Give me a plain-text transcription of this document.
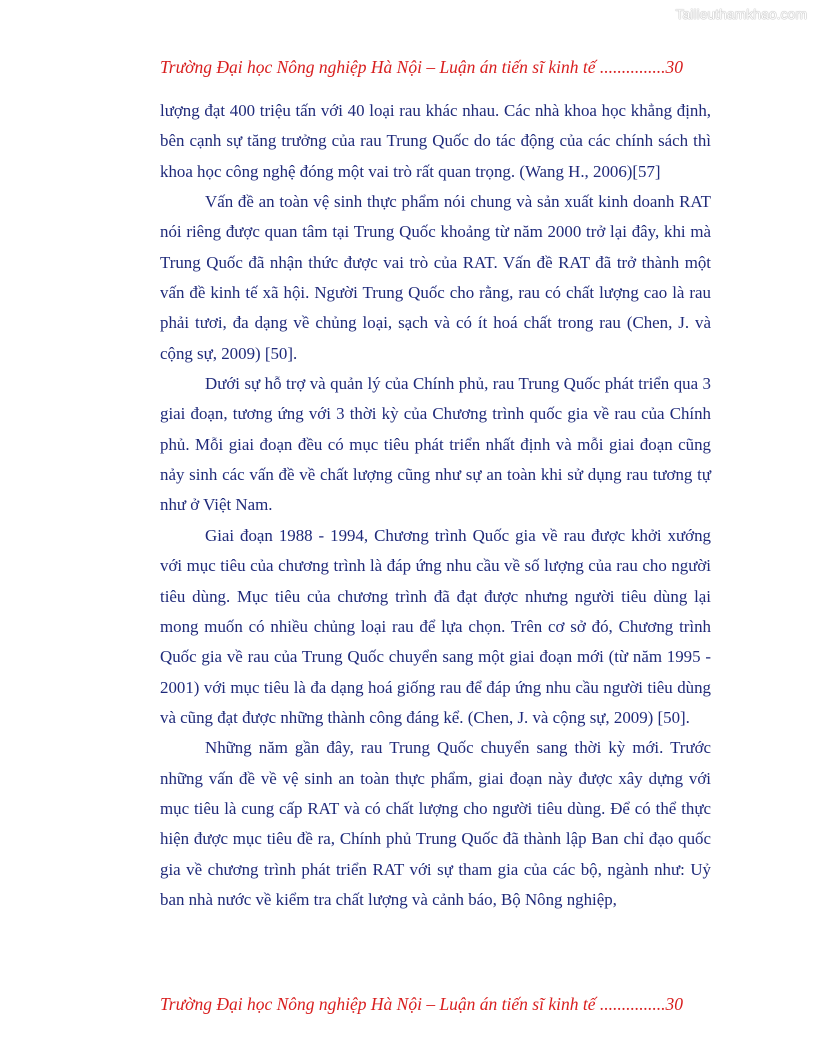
Tailieuthamkhao.com
Trường Đại học Nông nghiệp Hà Nội – Luận án tiến sĩ kinh tế ...............30

lượng đạt 400 triệu tấn với 40 loại rau khác nhau. Các nhà khoa học khẳng định, bên cạnh sự tăng trưởng của rau Trung Quốc do tác động của các chính sách thì khoa học công nghệ đóng một vai trò rất quan trọng. (Wang H., 2006)[57]

Vấn đề an toàn vệ sinh thực phẩm nói chung và sản xuất kinh doanh RAT nói riêng được quan tâm tại Trung Quốc khoảng từ năm 2000 trở lại đây, khi mà Trung Quốc đã nhận thức được vai trò của RAT. Vấn đề RAT đã trở thành một vấn đề kinh tế xã hội. Người Trung Quốc cho rằng, rau có chất lượng cao là rau phải tươi, đa dạng về chủng loại, sạch và có ít hoá chất trong rau (Chen, J. và cộng sự, 2009) [50].

Dưới sự hỗ trợ và quản lý của Chính phủ, rau Trung Quốc phát triển qua 3 giai đoạn, tương ứng với 3 thời kỳ của Chương trình quốc gia về rau của Chính phủ. Mỗi giai đoạn đều có mục tiêu phát triển nhất định và mỗi giai đoạn cũng nảy sinh các vấn đề về chất lượng cũng như sự an toàn khi sử dụng rau tương tự như ở Việt Nam.

Giai đoạn 1988 - 1994, Chương trình Quốc gia về rau được khởi xướng với mục tiêu của chương trình là đáp ứng nhu cầu về số lượng của rau cho người tiêu dùng. Mục tiêu của chương trình đã đạt được nhưng người tiêu dùng lại mong muốn có nhiều chủng loại rau để lựa chọn. Trên cơ sở đó, Chương trình Quốc gia về rau của Trung Quốc chuyển sang một giai đoạn mới (từ năm 1995 - 2001) với mục tiêu là đa dạng hoá giống rau để đáp ứng nhu cầu người tiêu dùng và cũng đạt được những thành công đáng kể. (Chen, J. và cộng sự, 2009) [50].

Những năm gần đây, rau Trung Quốc chuyển sang thời kỳ mới. Trước những vấn đề về vệ sinh an toàn thực phẩm, giai đoạn này được xây dựng với mục tiêu là cung cấp RAT và có chất lượng cho người tiêu dùng. Để có thể thực hiện được mục tiêu đề ra, Chính phủ Trung Quốc đã thành lập Ban chỉ đạo quốc gia về chương trình phát triển RAT với sự tham gia của các bộ, ngành như: Uỷ ban nhà nước về kiểm tra chất lượng và cảnh báo, Bộ Nông nghiệp,

Trường Đại học Nông nghiệp Hà Nội – Luận án tiến sĩ kinh tế ...............30
